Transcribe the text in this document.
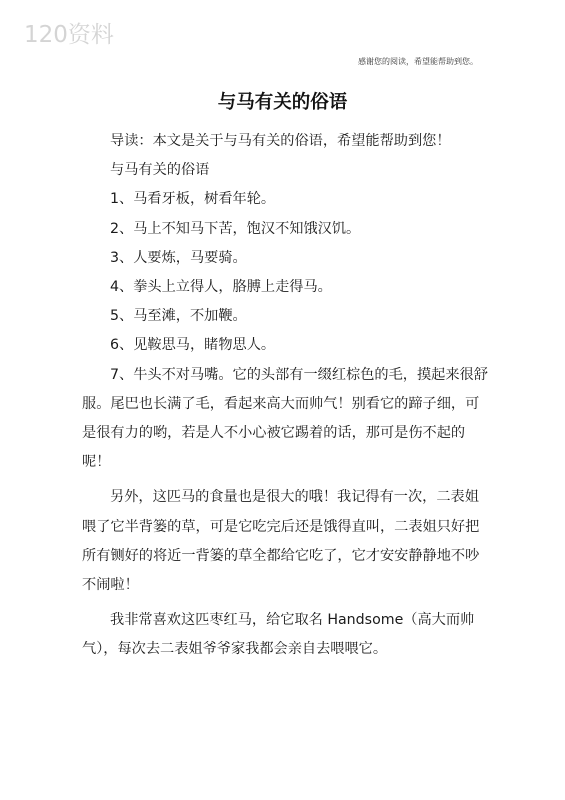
120资料
感谢您的阅读，希望能帮助到您。
与马有关的俗语

导读：本文是关于与马有关的俗语，希望能帮助到您！

与马有关的俗语

1、马看牙板，树看年轮。

2、马上不知马下苦，饱汉不知饿汉饥。

3、人要炼，马要骑。

4、拳头上立得人，胳膊上走得马。

5、马至滩，不加鞭。

6、见鞍思马，睹物思人。

7、牛头不对马嘴。它的头部有一缀红棕色的毛，摸起来很舒服。尾巴也长满了毛，看起来高大而帅气！别看它的蹄子细，可是很有力的哟，若是人不小心被它踢着的话，那可是伤不起的呢！

另外，这匹马的食量也是很大的哦！我记得有一次，二表姐喂了它半背篓的草，可是它吃完后还是饿得直叫，二表姐只好把所有铡好的将近一背篓的草全都给它吃了，它才安安静静地不吵不闹啦！

我非常喜欢这匹枣红马，给它取名 Handsome（高大而帅气），每次去二表姐爷爷家我都会亲自去喂喂它。
